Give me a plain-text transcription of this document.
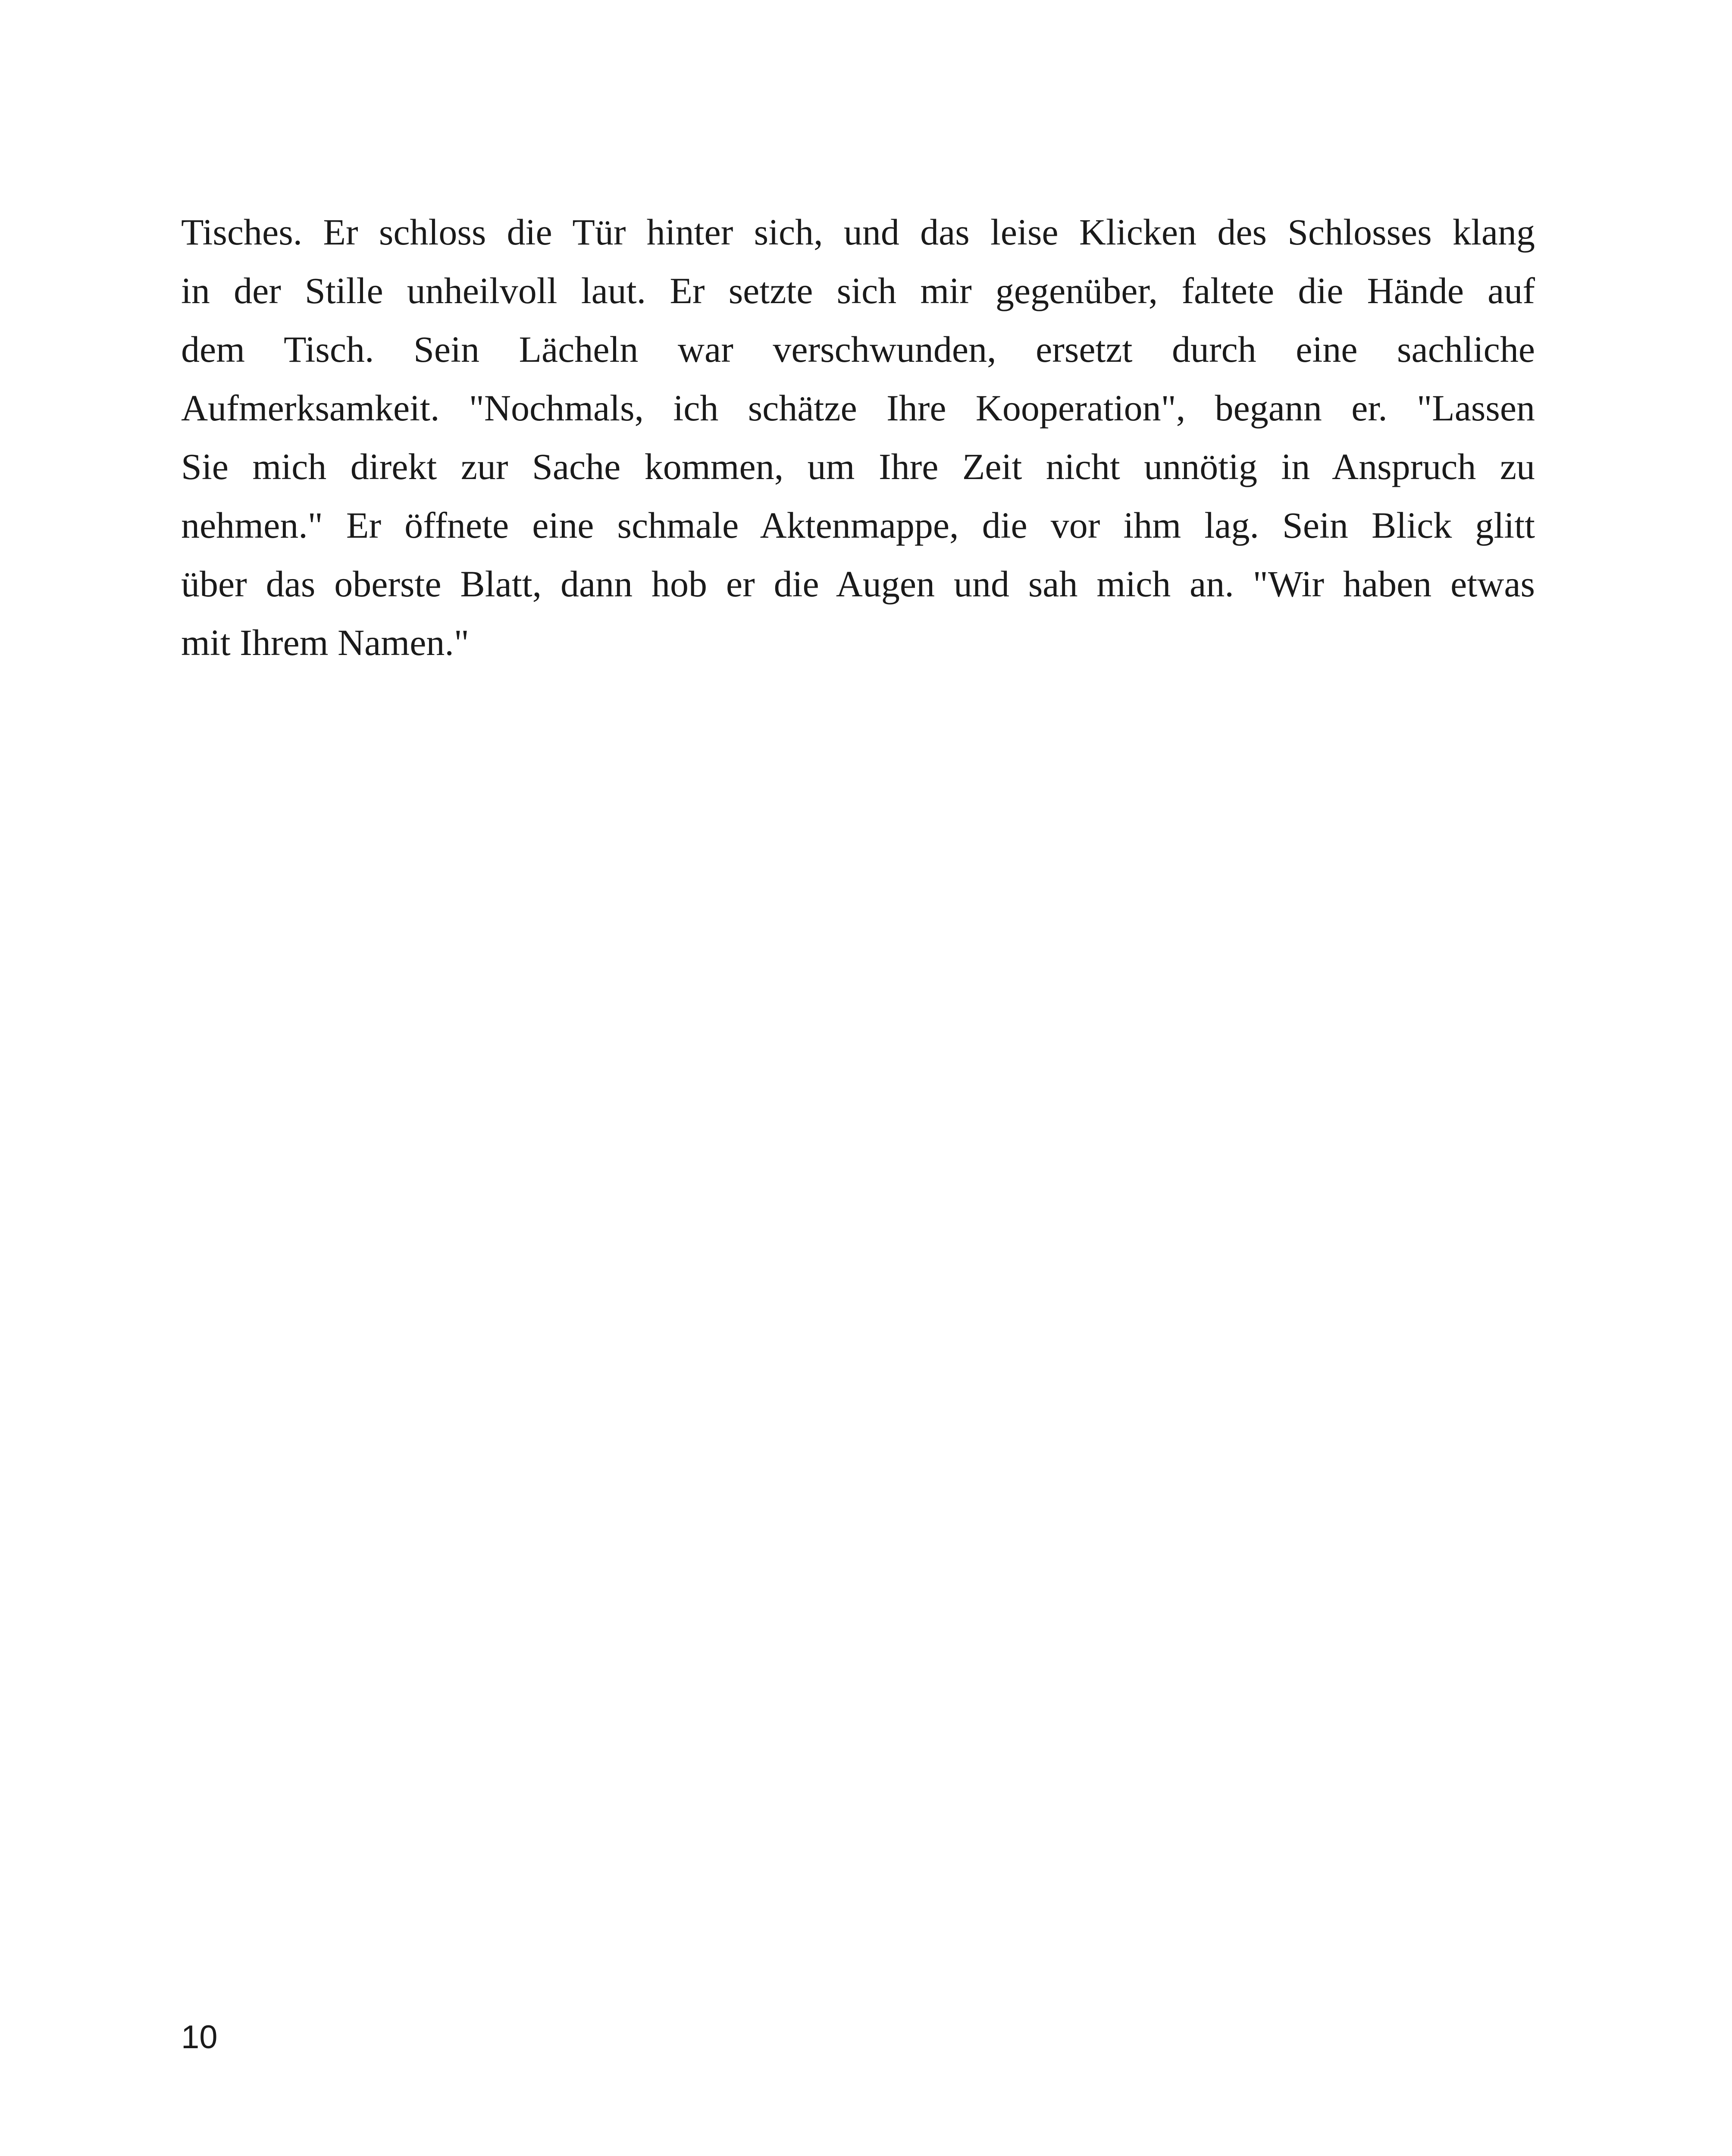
Tisches. Er schloss die Tür hinter sich, und das leise Klicken des Schlosses klang
in der Stille unheilvoll laut. Er setzte sich mir gegenüber, faltete die Hände auf
dem Tisch. Sein Lächeln war verschwunden, ersetzt durch eine sachliche
Aufmerksamkeit. "Nochmals, ich schätze Ihre Kooperation", begann er. "Lassen
Sie mich direkt zur Sache kommen, um Ihre Zeit nicht unnötig in Anspruch zu
nehmen." Er öffnete eine schmale Aktenmappe, die vor ihm lag. Sein Blick glitt
über das oberste Blatt, dann hob er die Augen und sah mich an. "Wir haben etwas
mit Ihrem Namen."

10
